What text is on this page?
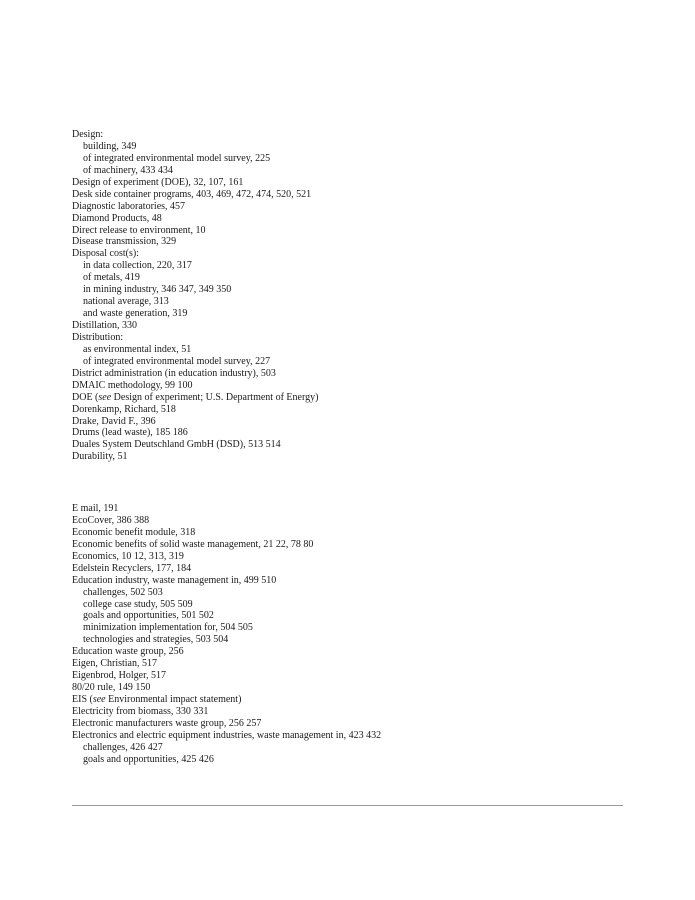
Design:
building, 349
of integrated environmental model survey, 225
of machinery, 433 434
Design of experiment (DOE), 32, 107, 161
Desk side container programs, 403, 469, 472, 474, 520, 521
Diagnostic laboratories, 457
Diamond Products, 48
Direct release to environment, 10
Disease transmission, 329
Disposal cost(s):
in data collection, 220, 317
of metals, 419
in mining industry, 346 347, 349 350
national average, 313
and waste generation, 319
Distillation, 330
Distribution:
as environmental index, 51
of integrated environmental model survey, 227
District administration (in education industry), 503
DMAIC methodology, 99 100
DOE (see Design of experiment; U.S. Department of Energy)
Dorenkamp, Richard, 518
Drake, David F., 396
Drums (lead waste), 185 186
Duales System Deutschland GmbH (DSD), 513 514
Durability, 51
E mail, 191
EcoCover, 386 388
Economic benefit module, 318
Economic benefits of solid waste management, 21 22, 78 80
Economics, 10 12, 313, 319
Edelstein Recyclers, 177, 184
Education industry, waste management in, 499 510
challenges, 502 503
college case study, 505 509
goals and opportunities, 501 502
minimization implementation for, 504 505
technologies and strategies, 503 504
Education waste group, 256
Eigen, Christian, 517
Eigenbrod, Holger, 517
80/20 rule, 149 150
EIS (see Environmental impact statement)
Electricity from biomass, 330 331
Electronic manufacturers waste group, 256 257
Electronics and electric equipment industries, waste management in, 423 432
challenges, 426 427
goals and opportunities, 425 426
